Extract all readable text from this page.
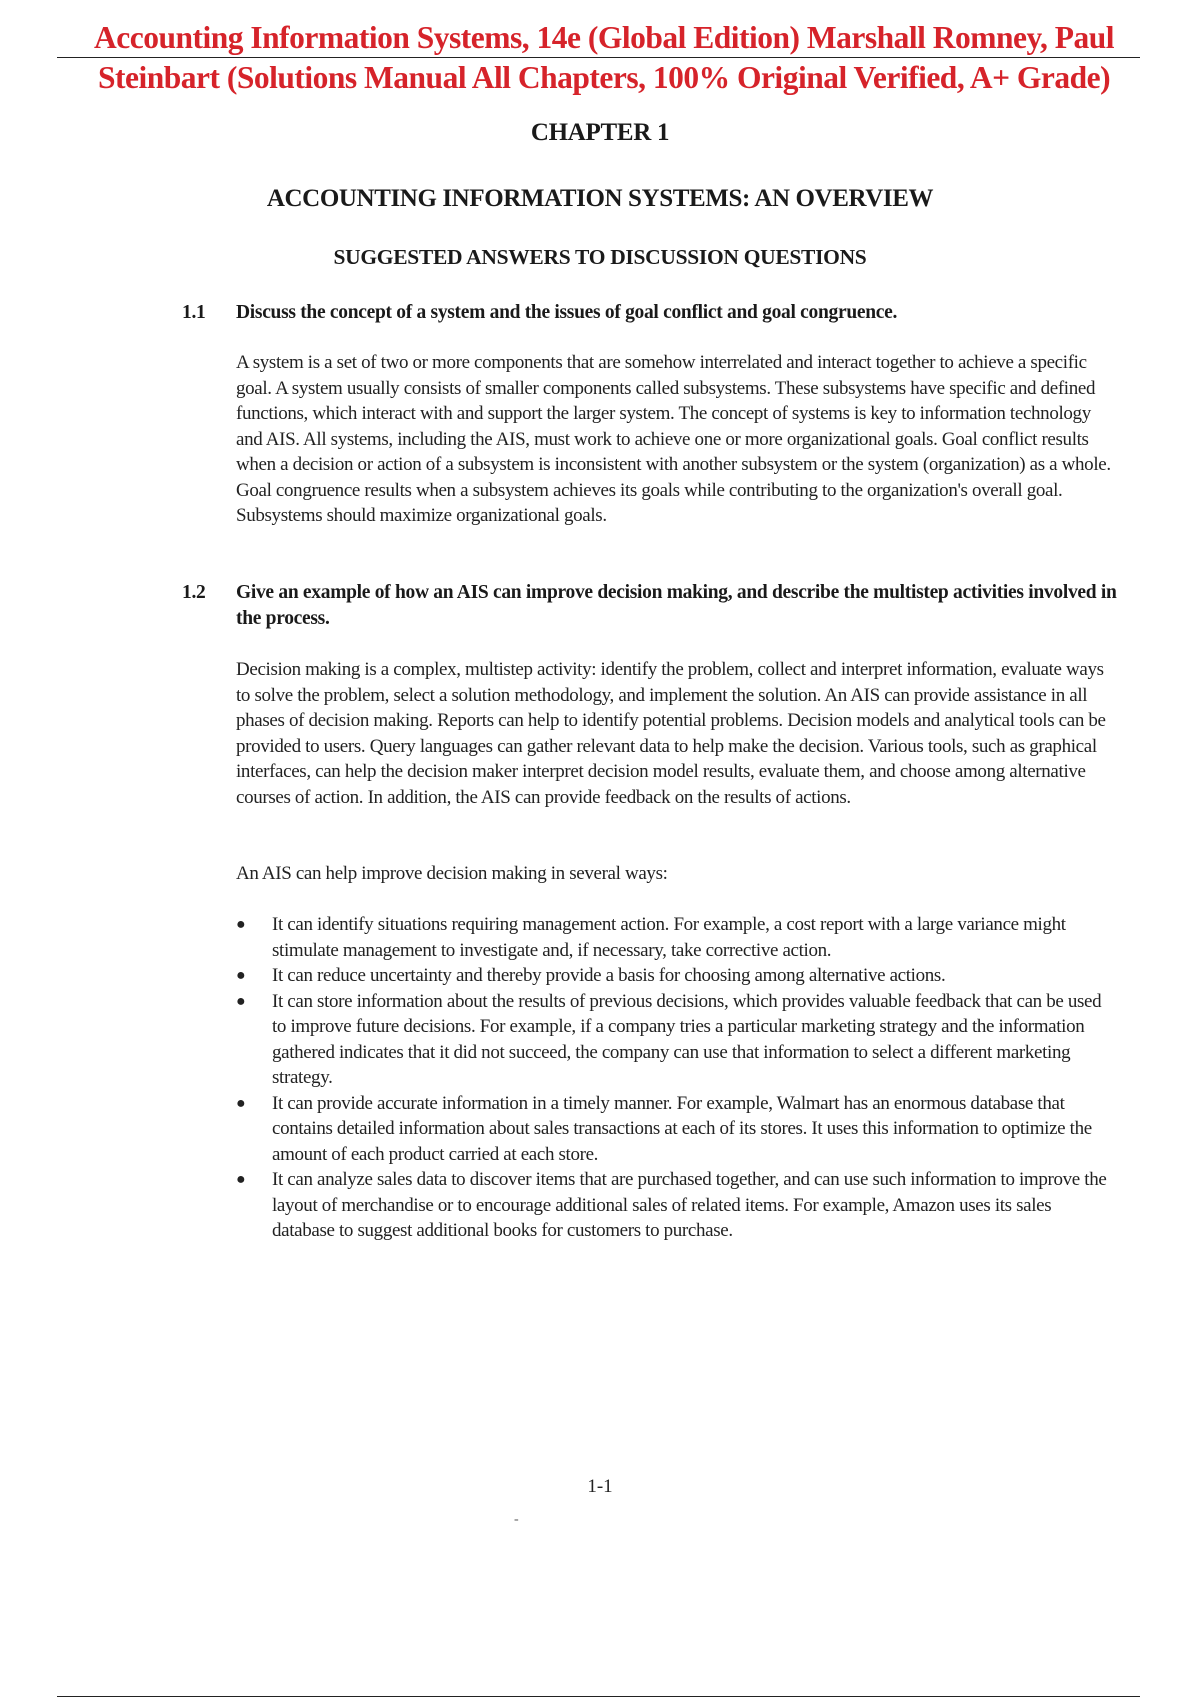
Accounting Information Systems, 14e (Global Edition) Marshall Romney, Paul
Steinbart (Solutions Manual All Chapters, 100% Original Verified, A+ Grade)
CHAPTER 1
ACCOUNTING INFORMATION SYSTEMS: AN OVERVIEW
SUGGESTED ANSWERS TO DISCUSSION QUESTIONS
1.1 Discuss the concept of a system and the issues of goal conflict and goal congruence.
A system is a set of two or more components that are somehow interrelated and interact together to achieve a specific goal. A system usually consists of smaller components called subsystems. These subsystems have specific and defined functions, which interact with and support the larger system. The concept of systems is key to information technology and AIS. All systems, including the AIS, must work to achieve one or more organizational goals. Goal conflict results when a decision or action of a subsystem is inconsistent with another subsystem or the system (organization) as a whole. Goal congruence results when a subsystem achieves its goals while contributing to the organization's overall goal. Subsystems should maximize organizational goals.
1.2 Give an example of how an AIS can improve decision making, and describe the multistep activities involved in the process.
Decision making is a complex, multistep activity: identify the problem, collect and interpret information, evaluate ways to solve the problem, select a solution methodology, and implement the solution. An AIS can provide assistance in all phases of decision making. Reports can help to identify potential problems. Decision models and analytical tools can be provided to users. Query languages can gather relevant data to help make the decision. Various tools, such as graphical interfaces, can help the decision maker interpret decision model results, evaluate them, and choose among alternative courses of action. In addition, the AIS can provide feedback on the results of actions.
An AIS can help improve decision making in several ways:
●	It can identify situations requiring management action. For example, a cost report with a large variance might stimulate management to investigate and, if necessary, take corrective action.
●	It can reduce uncertainty and thereby provide a basis for choosing among alternative actions.
●	It can store information about the results of previous decisions, which provides valuable feedback that can be used to improve future decisions. For example, if a company tries a particular marketing strategy and the information gathered indicates that it did not succeed, the company can use that information to select a different marketing strategy.
●	It can provide accurate information in a timely manner. For example, Walmart has an enormous database that contains detailed information about sales transactions at each of its stores. It uses this information to optimize the amount of each product carried at each store.
●	It can analyze sales data to discover items that are purchased together, and can use such information to improve the layout of merchandise or to encourage additional sales of related items. For example, Amazon uses its sales database to suggest additional books for customers to purchase.
1-1
-
